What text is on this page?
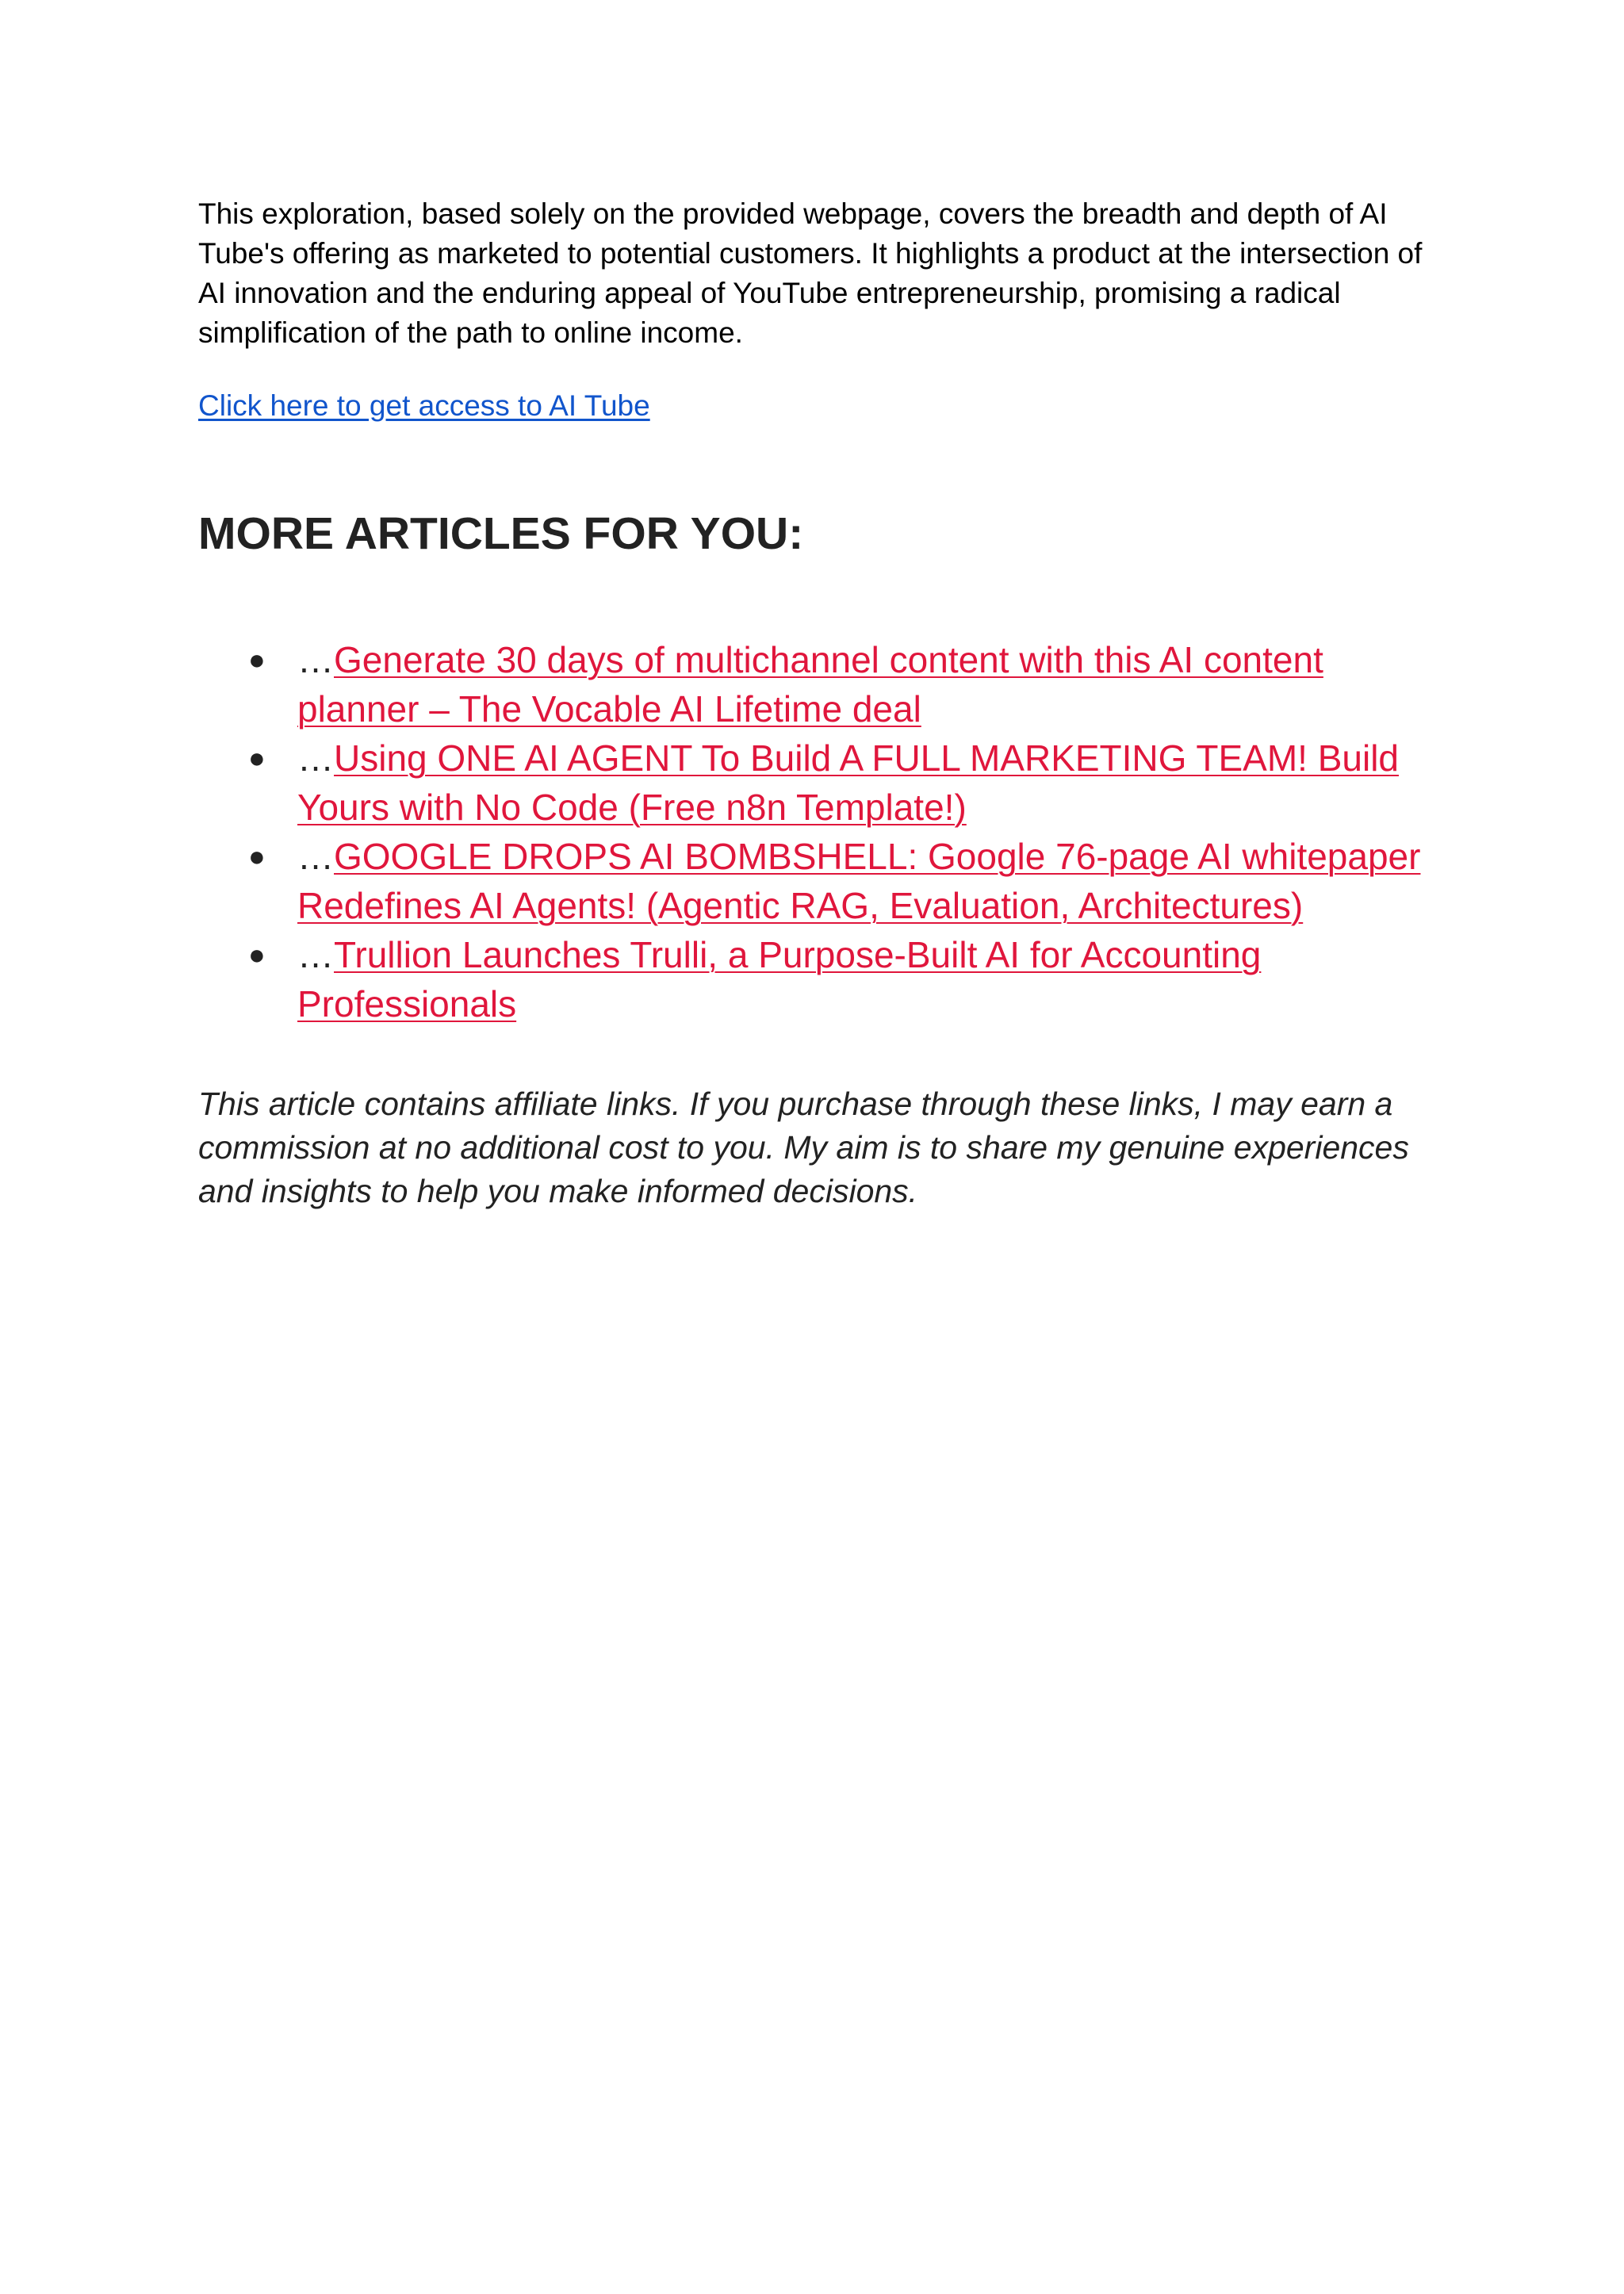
This exploration, based solely on the provided webpage, covers the breadth and depth of AI Tube's offering as marketed to potential customers. It highlights a product at the intersection of AI innovation and the enduring appeal of YouTube entrepreneurship, promising a radical simplification of the path to online income.

Click here to get access to AI Tube
MORE ARTICLES FOR YOU:
● …Generate 30 days of multichannel content with this AI content planner – The Vocable AI Lifetime deal
● …Using ONE AI AGENT To Build A FULL MARKETING TEAM! Build Yours with No Code (Free n8n Template!)
● …GOOGLE DROPS AI BOMBSHELL: Google 76-page AI whitepaper Redefines AI Agents! (Agentic RAG, Evaluation, Architectures)
● …Trullion Launches Trulli, a Purpose-Built AI for Accounting Professionals

This article contains affiliate links. If you purchase through these links, I may earn a commission at no additional cost to you. My aim is to share my genuine experiences and insights to help you make informed decisions.
